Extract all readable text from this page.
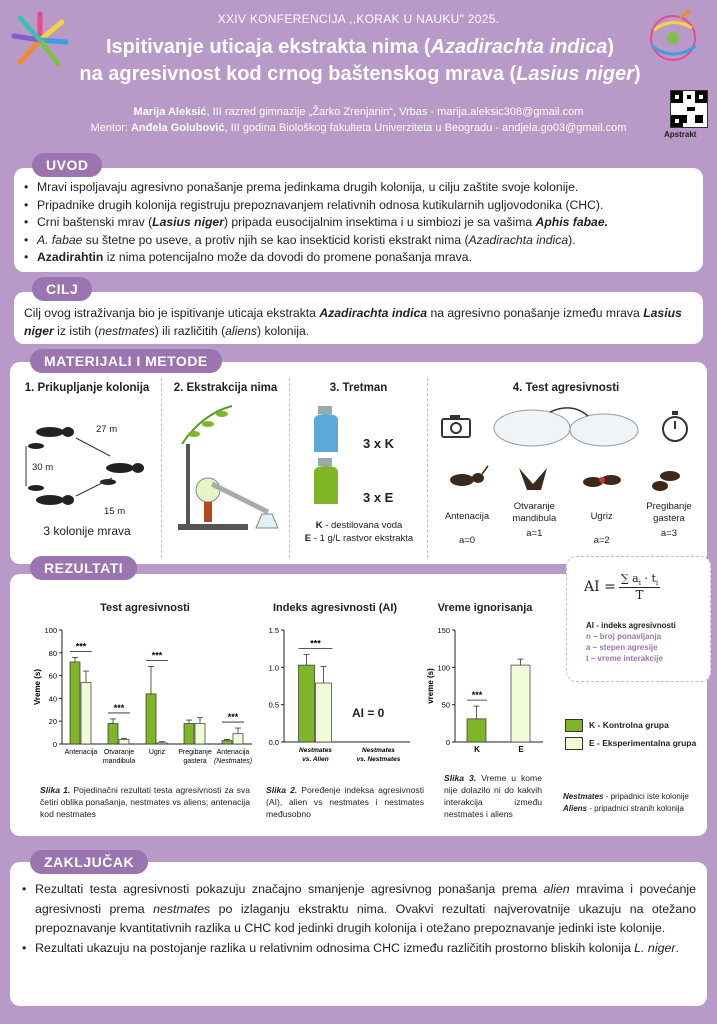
XXIV KONFERENCIJA ,,KORAK U NAUKU" 2025.
Ispitivanje uticaja ekstrakta nima (Azadirachta indica)
na agresivnost kod crnog baštenskog mrava (Lasius niger)
Marija Aleksić, III razred gimnazije „Žarko Zrenjanin“, Vrbas - marija.aleksic308@gmail.com
Mentor: Anđela Golubović, III godina Biološkog fakulteta Univerziteta u Beogradu - andjela.go03@gmail.com
Apstrakt
UVOD
• Mravi ispoljavaju agresivno ponašanje prema jedinkama drugih kolonija, u cilju zaštite svoje kolonije.
• Pripadnike drugih kolonija registruju prepoznavanjem relativnih odnosa kutikularnih ugljovodonika (CHC).
• Crni baštenski mrav (Lasius niger) pripada eusocijalnim insektima i u simbiozi je sa vašima Aphis fabae.
• A. fabae su štetne po useve, a protiv njih se kao insekticid koristi ekstrakt nima (Azadirachta indica).
• Azadirahtin iz nima potencijalno može da dovodi do promene ponašanja mrava.
CILJ
Cilj ovog istraživanja bio je ispitivanje uticaja ekstrakta Azadirachta indica na agresivno ponašanje između mrava Lasius niger iz istih (nestmates) ili različitih (aliens) kolonija.
MATERIJALI I METODE
1. Prikupljanje kolonija
27 m
30 m
15 m
3 kolonije mrava
2. Ekstrakcija nima	3. Tretman
3 x K
3 x E
K - destilovana voda
E - 1 g/L rastvor ekstrakta
4. Test agresivnosti
Antenacija
a=0
Otvaranje mandibula
a=1
Ugriz
a=2
Pregibanje gastera
a=3
REZULTATI
Test agresivnosti
0
20
40
60
80
100
Vreme (s)
***
Antenacija
***
Otvaranje
mandibula
***
Ugriz Pregibanje
gastera
***
Antenacija
(Nestmates)
Indeks agresivnosti (AI)
0.0
0.5
1.0
1.5
***
Nestmates
vs. Alien
Nestmates
vs. Nestmates
AI = 0
Vreme ignorisanja
0
50
100
150
vreme (s)	***
K	E
AI = $\frac{\sum a_i \cdot t_i}{T}$
AI - indeks agresivnosti
n – broj ponavljanja
a – stepen agresije
t – vreme interakcije
K - Kontrolna grupa
E - Eksperimentalna grupa
Nestmates - pripadnici iste kolonije
Aliens - pripadnici stranih kolonija
Slika 1. Pojedinačni rezultati testa agresivnosti za sva četiri oblika ponašanja, nestmates vs aliens; antenacija kod nestmates
Slika 2. Poređenje indeksa agresivnosti (AI), alien vs nestmates i nestmates međusobno
Slika 3. Vreme u kome nije dolazilo ni do kakvih interakcija između nestmates i aliens
ZAKLJUČAK
• Rezultati testa agresivnosti pokazuju značajno smanjenje agresivnog ponašanja prema alien mravima i povećanje agresivnosti prema nestmates po izlaganju ekstraktu nima. Ovakvi rezultati najverovatnije ukazuju na otežano prepoznavanje kvantitativnih razlika u CHC kod jedinki drugih kolonija i otežano prepoznavanje jedinki iste kolonije.
• Rezultati ukazuju na postojanje razlika u relativnim odnosima CHC između različitih prostorno bliskih kolonija L. niger.
